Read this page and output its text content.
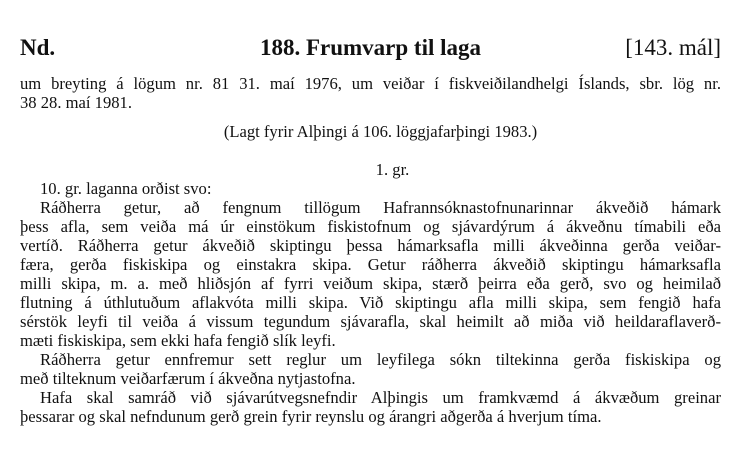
Nd.	188. Frumvarp til laga	[143. mál]
um breyting á lögum nr. 81 31. maí 1976, um veiðar í fiskveiðilandhelgi Íslands, sbr. lög nr.
38 28. maí 1981.
(Lagt fyrir Alþingi á 106. löggjafarþingi 1983.)
1. gr.
10. gr. laganna orðist svo:
Ráðherra getur, að fengnum tillögum Hafrannsóknastofnunarinnar ákveðið hámark
þess afla, sem veiða má úr einstökum fiskistofnum og sjávardýrum á ákveðnu tímabili eða
vertíð. Ráðherra getur ákveðið skiptingu þessa hámarksafla milli ákveðinna gerða veiðar-
færa, gerða fiskiskipa og einstakra skipa. Getur ráðherra ákveðið skiptingu hámarksafla
milli skipa, m. a. með hliðsjón af fyrri veiðum skipa, stærð þeirra eða gerð, svo og heimilað
flutning á úthlutuðum aflakvóta milli skipa. Við skiptingu afla milli skipa, sem fengið hafa
sérstök leyfi til veiða á vissum tegundum sjávarafla, skal heimilt að miða við heildaraflaverð-
mæti fiskiskipa, sem ekki hafa fengið slík leyfi.
Ráðherra getur ennfremur sett reglur um leyfilega sókn tiltekinna gerða fiskiskipa og
með tilteknum veiðarfærum í ákveðna nytjastofna.
Hafa skal samráð við sjávarútvegsnefndir Alþingis um framkvæmd á ákvæðum greinar
þessarar og skal nefndunum gerð grein fyrir reynslu og árangri aðgerða á hverjum tíma.
